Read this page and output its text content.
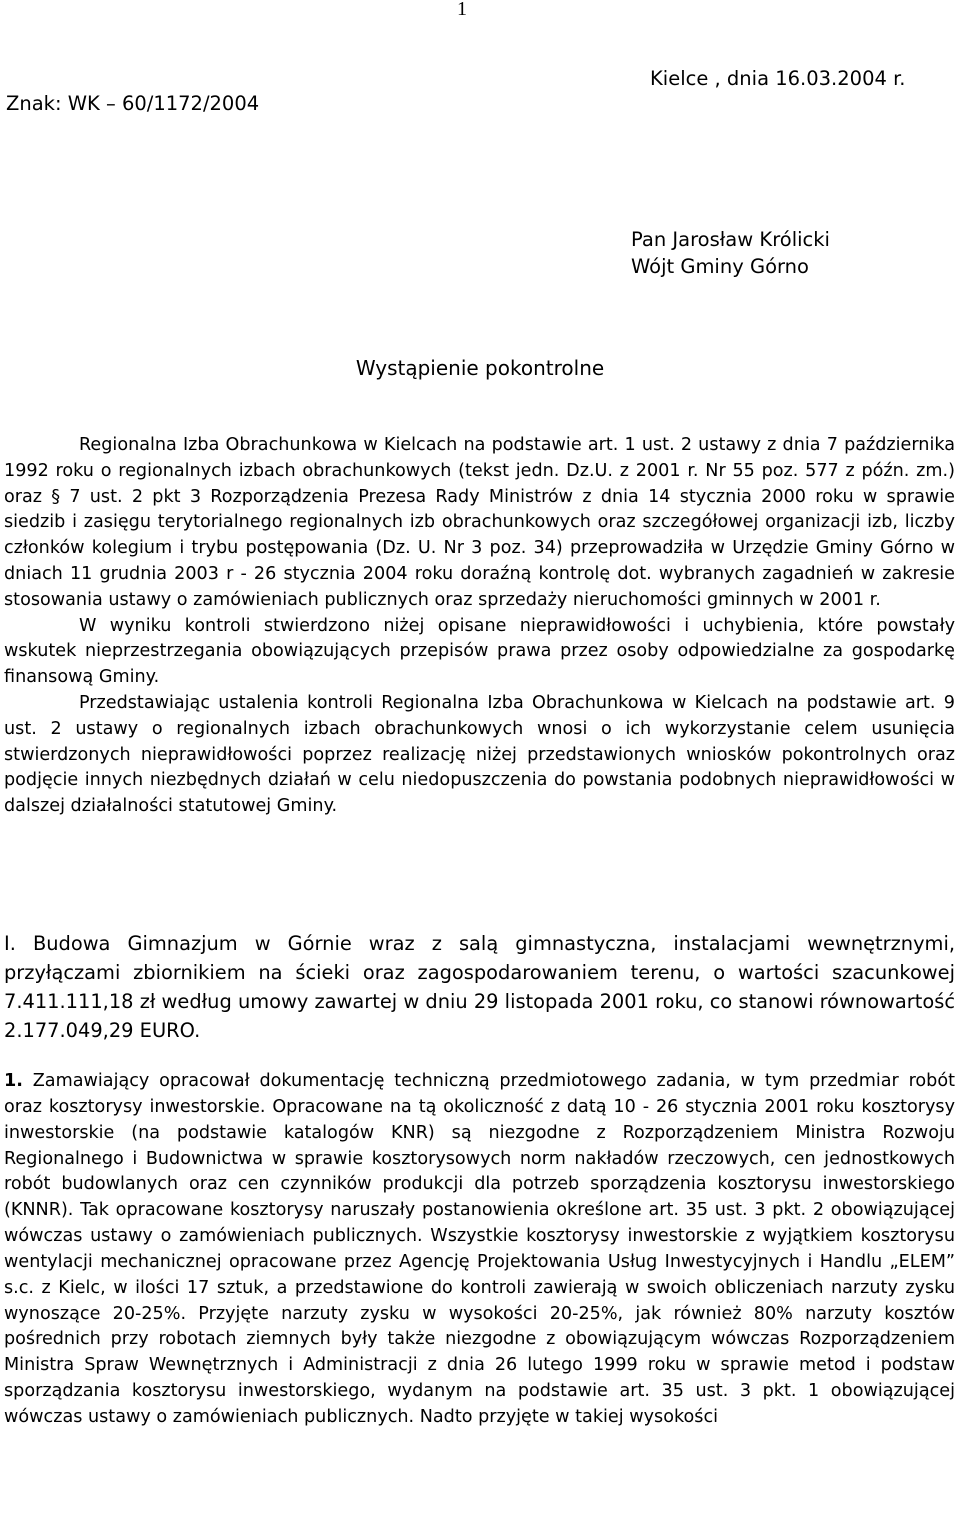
1
Znak: WK – 60/1172/2004
Kielce , dnia 16.03.2004 r.
Pan Jarosław Królicki
Wójt Gminy Górno
Wystąpienie pokontrolne

Regionalna Izba Obrachunkowa w Kielcach na podstawie art. 1 ust. 2 ustawy z dnia 7 października 1992 roku o regionalnych izbach obrachunkowych (tekst jedn. Dz.U. z 2001 r. Nr 55 poz. 577 z późn. zm.) oraz § 7 ust. 2 pkt 3 Rozporządzenia Prezesa Rady Ministrów z dnia 14 stycznia 2000 roku w sprawie siedzib i zasięgu terytorialnego regionalnych izb obrachunkowych oraz szczegółowej organizacji izb, liczby członków kolegium i trybu postępowania (Dz. U. Nr 3 poz. 34) przeprowadziła w Urzędzie Gminy Górno w dniach 11 grudnia 2003 r - 26 stycznia 2004 roku doraźną kontrolę dot. wybranych zagadnień w zakresie stosowania ustawy o zamówieniach publicznych oraz sprzedaży nieruchomości gminnych w 2001 r.

W wyniku kontroli stwierdzono niżej opisane nieprawidłowości i uchybienia, które powstały wskutek nieprzestrzegania obowiązujących przepisów prawa przez osoby odpowiedzialne za gospodarkę finansową Gminy.

Przedstawiając ustalenia kontroli Regionalna Izba Obrachunkowa w Kielcach na podstawie art. 9 ust. 2 ustawy o regionalnych izbach obrachunkowych wnosi o ich wykorzystanie celem usunięcia stwierdzonych nieprawidłowości poprzez realizację niżej przedstawionych wniosków pokontrolnych oraz podjęcie innych niezbędnych działań w celu niedopuszczenia do powstania podobnych nieprawidłowości w dalszej działalności statutowej Gminy.

I. Budowa Gimnazjum w Górnie wraz z salą gimnastyczna, instalacjami wewnętrznymi, przyłączami zbiornikiem na ścieki oraz zagospodarowaniem terenu, o wartości szacunkowej 7.411.111,18 zł według umowy zawartej w dniu 29 listopada 2001 roku, co stanowi równowartość 2.177.049,29 EURO.

1. Zamawiający opracował dokumentację techniczną przedmiotowego zadania, w tym przedmiar robót oraz kosztorysy inwestorskie. Opracowane na tą okoliczność z datą 10 - 26 stycznia 2001 roku kosztorysy inwestorskie (na podstawie katalogów KNR) są niezgodne z Rozporządzeniem Ministra Rozwoju Regionalnego i Budownictwa w sprawie kosztorysowych norm nakładów rzeczowych, cen jednostkowych robót budowlanych oraz cen czynników produkcji dla potrzeb sporządzenia kosztorysu inwestorskiego (KNNR). Tak opracowane kosztorysy naruszały postanowienia określone art. 35 ust. 3 pkt. 2 obowiązującej wówczas ustawy o zamówieniach publicznych. Wszystkie kosztorysy inwestorskie z wyjątkiem kosztorysu wentylacji mechanicznej opracowane przez Agencję Projektowania Usług Inwestycyjnych i Handlu „ELEM” s.c. z Kielc, w ilości 17 sztuk, a przedstawione do kontroli zawierają w swoich obliczeniach narzuty zysku wynoszące 20-25%. Przyjęte narzuty zysku w wysokości 20-25%, jak również 80% narzuty kosztów pośrednich przy robotach ziemnych były także niezgodne z obowiązującym wówczas Rozporządzeniem Ministra Spraw Wewnętrznych i Administracji z dnia 26 lutego 1999 roku w sprawie metod i podstaw sporządzania kosztorysu inwestorskiego, wydanym na podstawie art. 35 ust. 3 pkt. 1 obowiązującej wówczas ustawy o zamówieniach publicznych. Nadto przyjęte w takiej wysokości
